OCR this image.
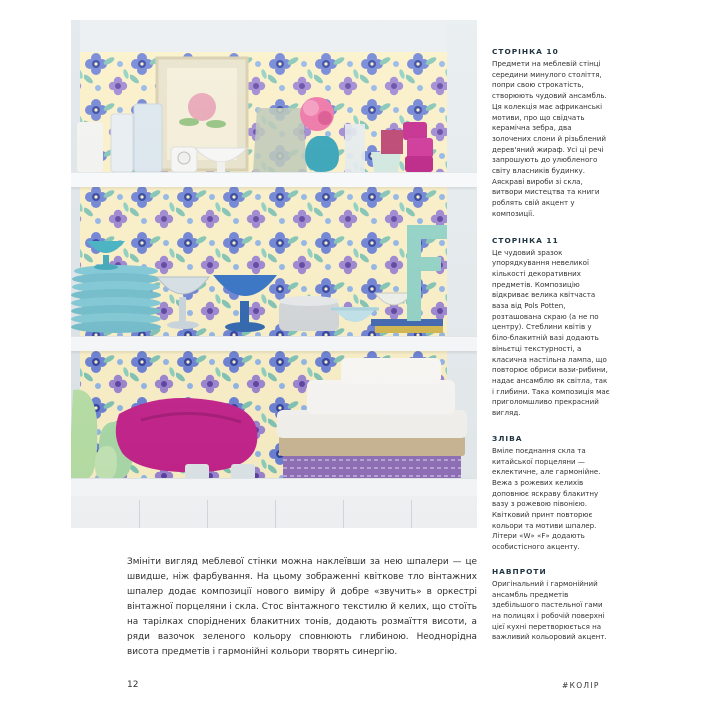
СТОРІНКА 10

Предмети на меблевій стінці середини минулого століття, попри свою строкатість, створюють чудовий ансамбль. Ця колекція має африканські мотиви, про що свідчать керамічна зебра, два золочених слони й різьблений дерев'яний жираф. Усі ці речі запрошують до улюбленого світу власників будинку. Аяскраві вироби зі скла, витвори мистецтва та книги роблять свій акцент у композиції.

СТОРІНКА 11

Це чудовий зразок упорядкування невеликої кількості декоративних предметів. Композицію відкриває велика квітчаста ваза від Pols Potten, розташована скраю (а не по центру). Стеблини квітів у біло-блакитній вазі додають віньєтці текстурності, а класична настільна лампа, що повторює обриси вази-рибини, надає ансамблю як світла, так і глибини. Така композиція має приголомшливо прекрасний вигляд.

ЗЛІВА

Вміле поєднання скла та китайської порцеляни — еклектичне, але гармонійне. Вежа з рожевих келихів доповнює яскраву блакитну вазу з рожевою півонією. Квітковий принт повторює кольори та мотиви шпалер. Літери «W» «F» додають особистісного акценту.

НАВПРОТИ

Оригінальний і гармонійний ансамбль предметів здебільшого пастельної гами на полицях і робочій поверхні цієї кухні перетворюється на важливий кольоровий акцент.

Змініти вигляд меблевої стінки можна наклеївши за нею шпалери — це швидше, ніж фарбування. На цьому зображенні квіткове тло вінтажних шпалер додає композиції нового виміру й добре «звучить» в оркестрі вінтажної порцеляни і скла. Стос вінтажного текстилю й келих, що стоїть на тарілках споріднених блакитних тонів, додають розмаїття висоти, а ряди вазочок зеленого кольору сповнюють глибиною. Неоднорідна висота предметів і гармонійні кольори творять синергію.

12	#КОЛІР
